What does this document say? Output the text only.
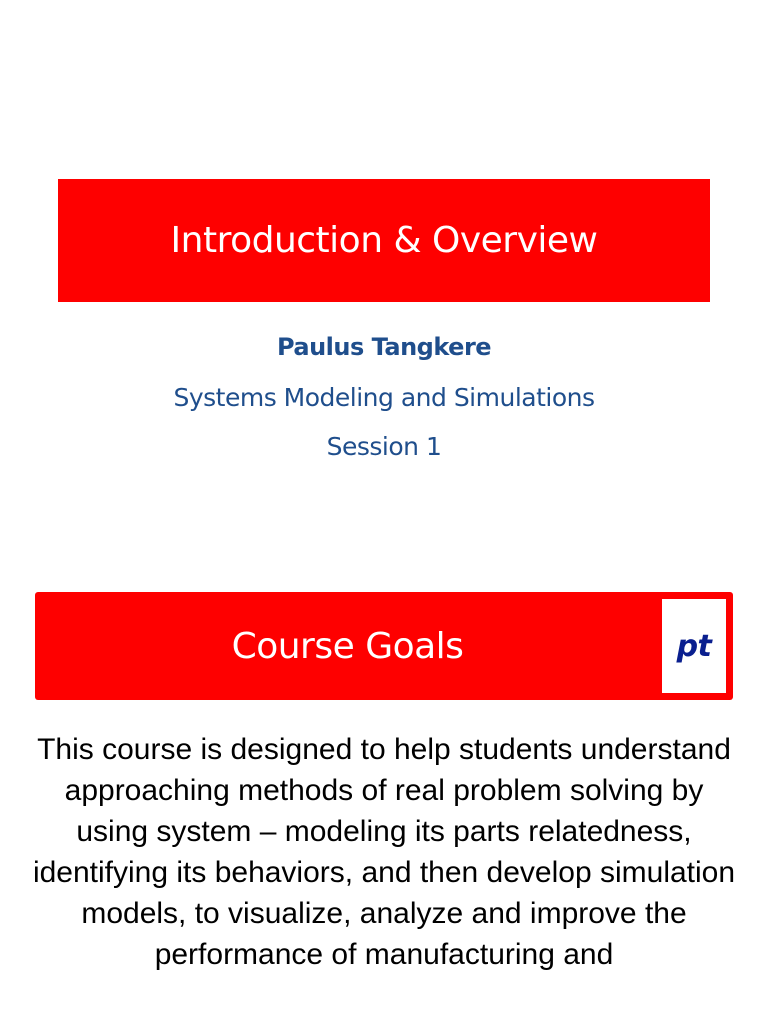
Introduction & Overview
Paulus Tangkere
Systems Modeling and Simulations
Session 1
Course Goals	pt
This course is designed to help students understand approaching methods of real problem solving by using system – modeling its parts relatedness, identifying its behaviors, and then develop simulation models, to visualize, analyze and improve the performance of manufacturing and
